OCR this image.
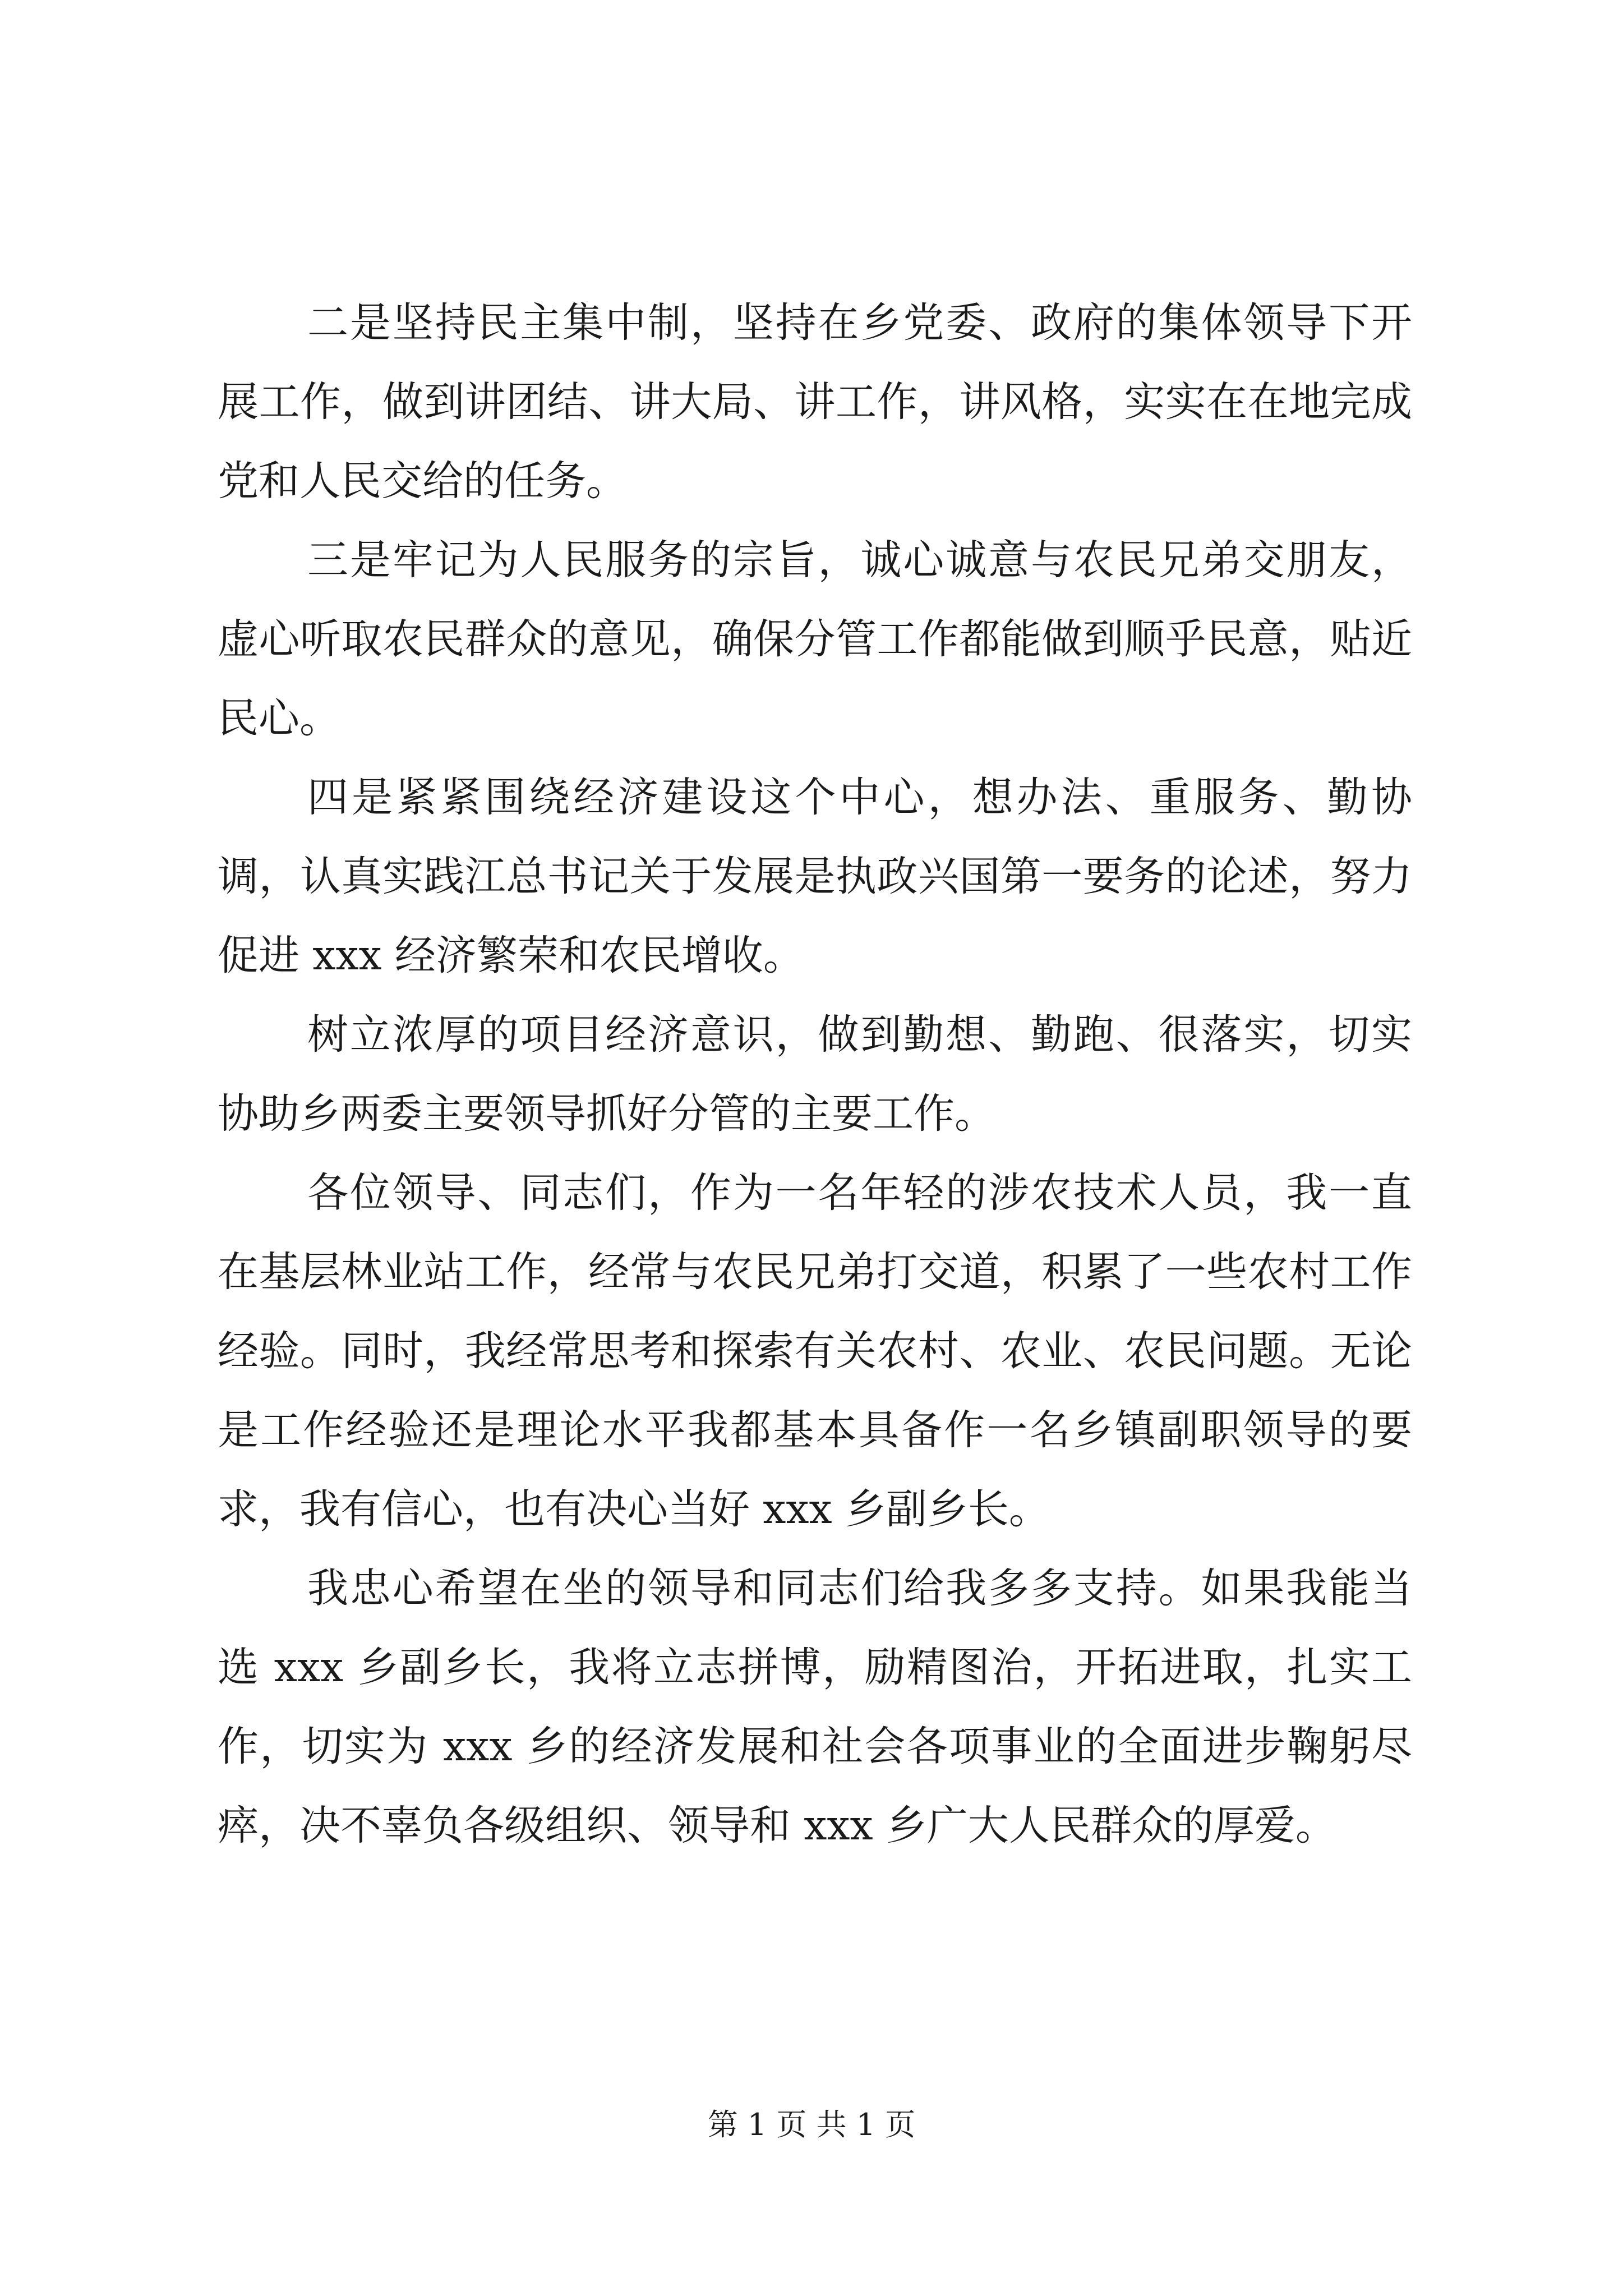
二是坚持民主集中制，坚持在乡党委、政府的集体领导下开展工作，做到讲团结、讲大局、讲工作，讲风格，实实在在地完成党和人民交给的任务。

三是牢记为人民服务的宗旨，诚心诚意与农民兄弟交朋友，虚心听取农民群众的意见，确保分管工作都能做到顺乎民意，贴近民心。

四是紧紧围绕经济建设这个中心，想办法、重服务、勤协调，认真实践江总书记关于发展是执政兴国第一要务的论述，努力促进 xxx 经济繁荣和农民增收。

树立浓厚的项目经济意识，做到勤想、勤跑、很落实，切实协助乡两委主要领导抓好分管的主要工作。

各位领导、同志们，作为一名年轻的涉农技术人员，我一直在基层林业站工作，经常与农民兄弟打交道，积累了一些农村工作经验。同时，我经常思考和探索有关农村、农业、农民问题。无论是工作经验还是理论水平我都基本具备作一名乡镇副职领导的要求，我有信心，也有决心当好 xxx 乡副乡长。

我忠心希望在坐的领导和同志们给我多多支持。如果我能当选 xxx 乡副乡长，我将立志拼博，励精图治，开拓进取，扎实工作，切实为 xxx 乡的经济发展和社会各项事业的全面进步鞠躬尽瘁，决不辜负各级组织、领导和 xxx 乡广大人民群众的厚爱。

第 1 页 共 1 页
